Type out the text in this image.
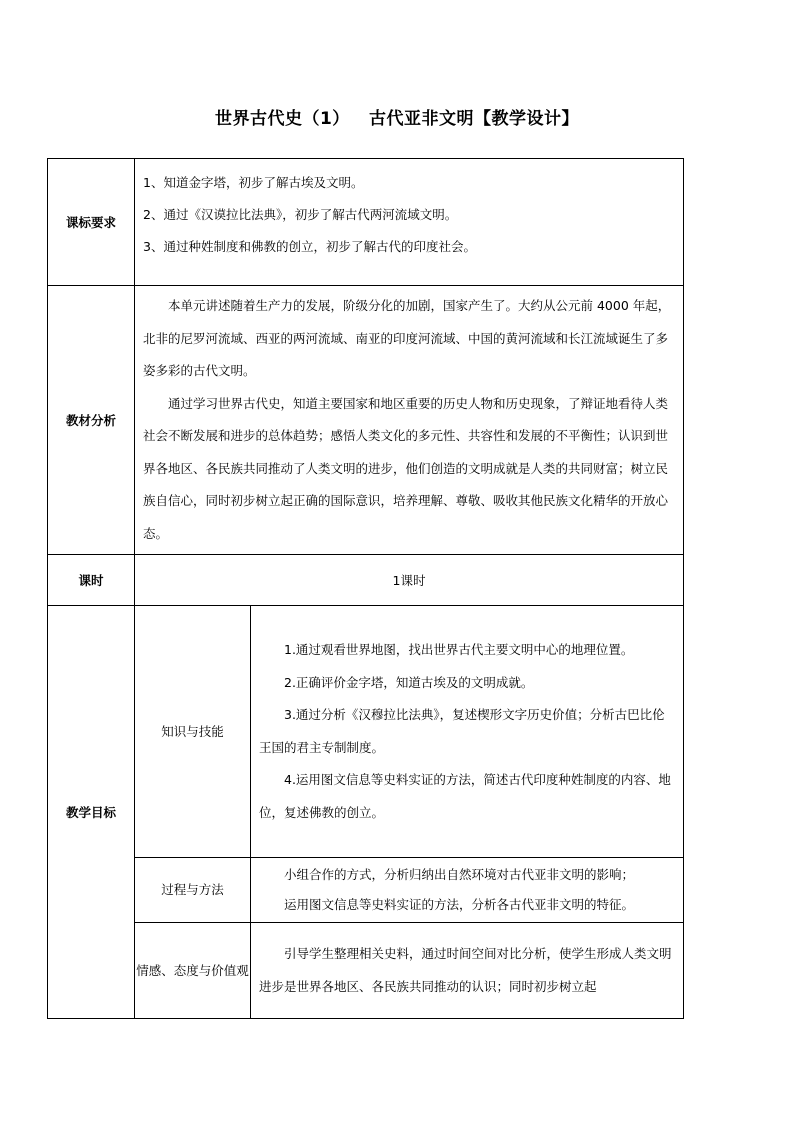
世界古代史（1）   古代亚非文明【教学设计】
课标要求	1、知道金字塔，初步了解古埃及文明。

2、通过《汉谟拉比法典》，初步了解古代两河流域文明。

3、通过种姓制度和佛教的创立，初步了解古代的印度社会。	

教材分析	本单元讲述随着生产力的发展，阶级分化的加剧，国家产生了。大约从公元前 4000 年起，北非的尼罗河流域、西亚的两河流域、南亚的印度河流域、中国的黄河流域和长江流域诞生了多姿多彩的古代文明。

通过学习世界古代史，知道主要国家和地区重要的历史人物和历史现象，了辩证地看待人类社会不断发展和进步的总体趋势；感悟人类文化的多元性、共容性和发展的不平衡性；认识到世界各地区、各民族共同推动了人类文明的进步，他们创造的文明成就是人类的共同财富；树立民族自信心，同时初步树立起正确的国际意识，培养理解、尊敬、吸收其他民族文化精华的开放心态。	

课时	1课时	
教学目标	知识与技能	1.通过观看世界地图，找出世界古代主要文明中心的地理位置。

2.正确评价金字塔，知道古埃及的文明成就。

3.通过分析《汉穆拉比法典》，复述楔形文字历史价值；分析古巴比伦王国的君主专制制度。

4.运用图文信息等史料实证的方法，简述古代印度种姓制度的内容、地位，复述佛教的创立。

	过程与方法	小组合作的方式，分析归纳出自然环境对古代亚非文明的影响；

运用图文信息等史料实证的方法，分析各古代亚非文明的特征。

	情感、态度与价值观	引导学生整理相关史料，通过时间空间对比分析，使学生形成人类文明进步是世界各地区、各民族共同推动的认识；同时初步树立起
